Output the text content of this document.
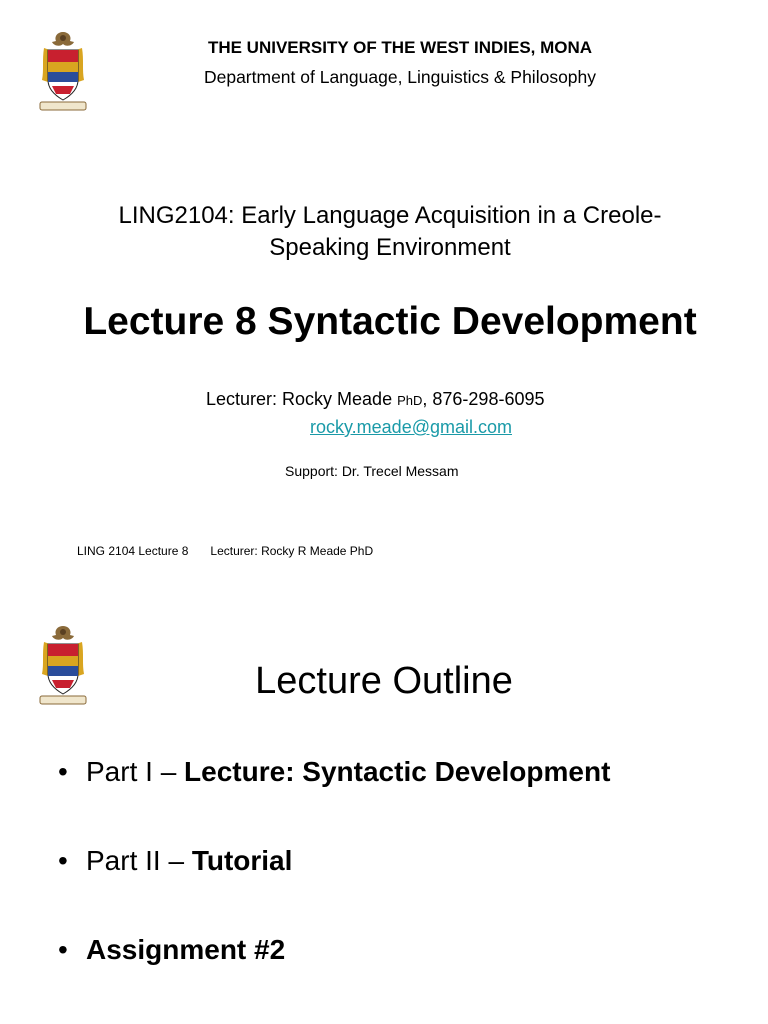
THE UNIVERSITY OF THE WEST INDIES, MONA
Department of Language, Linguistics & Philosophy
LING2104: Early Language Acquisition in a Creole-
Speaking Environment
Lecture 8 Syntactic Development
Lecturer: Rocky Meade PhD, 876-298-6095
rocky.meade@gmail.com
Support: Dr. Trecel Messam
LING 2104 Lecture 8 Lecturer: Rocky R Meade PhD
Lecture Outline
• Part I – Lecture: Syntactic Development
• Part II – Tutorial
• Assignment #2
